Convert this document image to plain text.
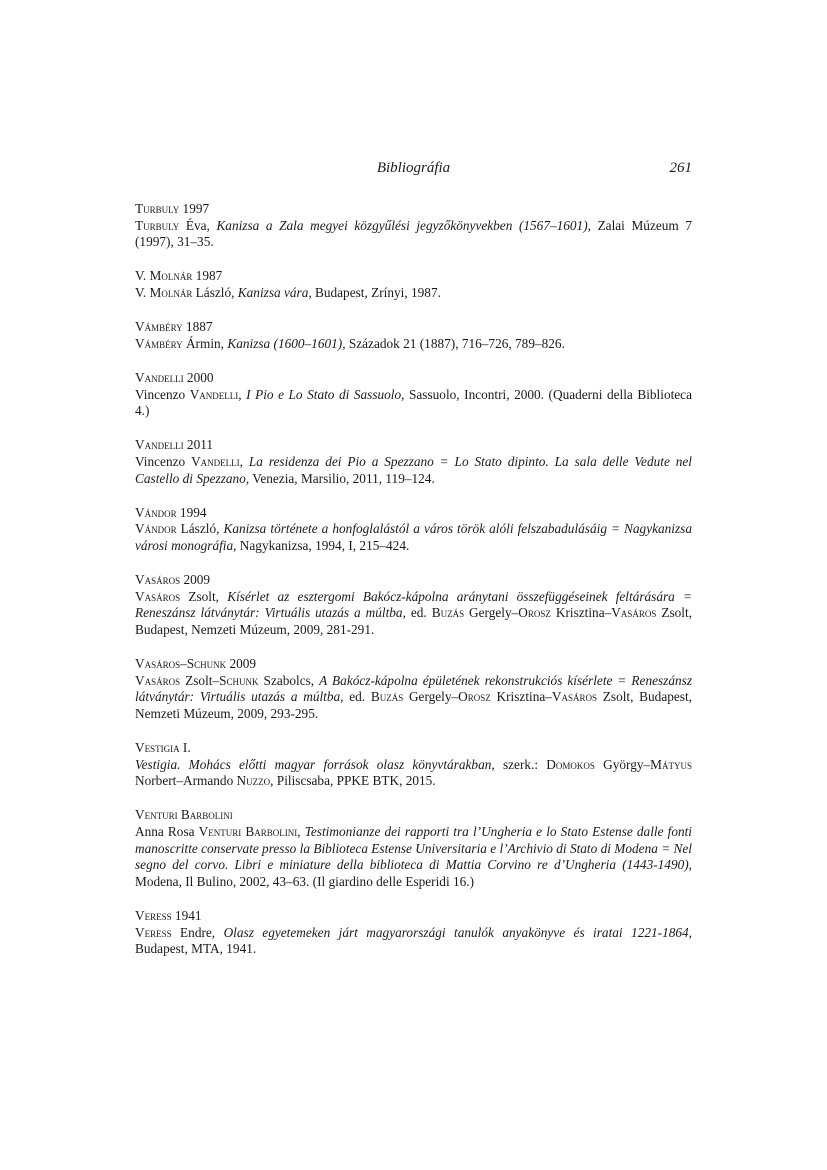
Bibliográfia	261
Turbuly 1997
Turbuly Éva, Kanizsa a Zala megyei közgyűlési jegyzőkönyvekben (1567–1601), Zalai Múzeum 7 (1997), 31–35.
V. Molnár 1987
V. Molnár László, Kanizsa vára, Budapest, Zrínyi, 1987.
Vámbéry 1887
Vámbéry Ármin, Kanizsa (1600–1601), Századok 21 (1887), 716–726, 789–826.
Vandelli 2000
Vincenzo Vandelli, I Pio e Lo Stato di Sassuolo, Sassuolo, Incontri, 2000. (Quaderni della Biblioteca 4.)
Vandelli 2011
Vincenzo Vandelli, La residenza dei Pio a Spezzano = Lo Stato dipinto. La sala delle Vedute nel Castello di Spezzano, Venezia, Marsilio, 2011, 119–124.
Vándor 1994
Vándor László, Kanizsa története a honfoglalástól a város török alóli felszabadulásáig = Nagykanizsa városi monográfia, Nagykanizsa, 1994, I, 215–424.
Vasáros 2009
Vasáros Zsolt, Kísérlet az esztergomi Bakócz-kápolna aránytani összefüggéseinek feltárására = Reneszánsz látványtár: Virtuális utazás a múltba, ed. Buzás Gergely–Orosz Krisztina–Vasáros Zsolt, Budapest, Nemzeti Múzeum, 2009, 281-291.
Vasáros–Schunk 2009
Vasáros Zsolt–Schunk Szabolcs, A Bakócz-kápolna épületének rekonstrukciós kísérlete = Reneszánsz látványtár: Virtuális utazás a múltba, ed. Buzás Gergely–Orosz Krisztina–Vasáros Zsolt, Budapest, Nemzeti Múzeum, 2009, 293-295.
Vestigia I.
Vestigia. Mohács előtti magyar források olasz könyvtárakban, szerk.: Domokos György–Mátyus Norbert–Armando Nuzzo, Piliscsaba, PPKE BTK, 2015.
Venturi Barbolini
Anna Rosa Venturi Barbolini, Testimonianze dei rapporti tra l’Ungheria e lo Stato Estense dalle fonti manoscritte conservate presso la Biblioteca Estense Universitaria e l’Archivio di Stato di Modena = Nel segno del corvo. Libri e miniature della biblioteca di Mattia Corvino re d’Ungheria (1443-1490), Modena, Il Bulino, 2002, 43–63. (Il giardino delle Esperidi 16.)
Veress 1941
Veress Endre, Olasz egyetemeken járt magyarországi tanulók anyakönyve és iratai 1221-1864, Budapest, MTA, 1941.
